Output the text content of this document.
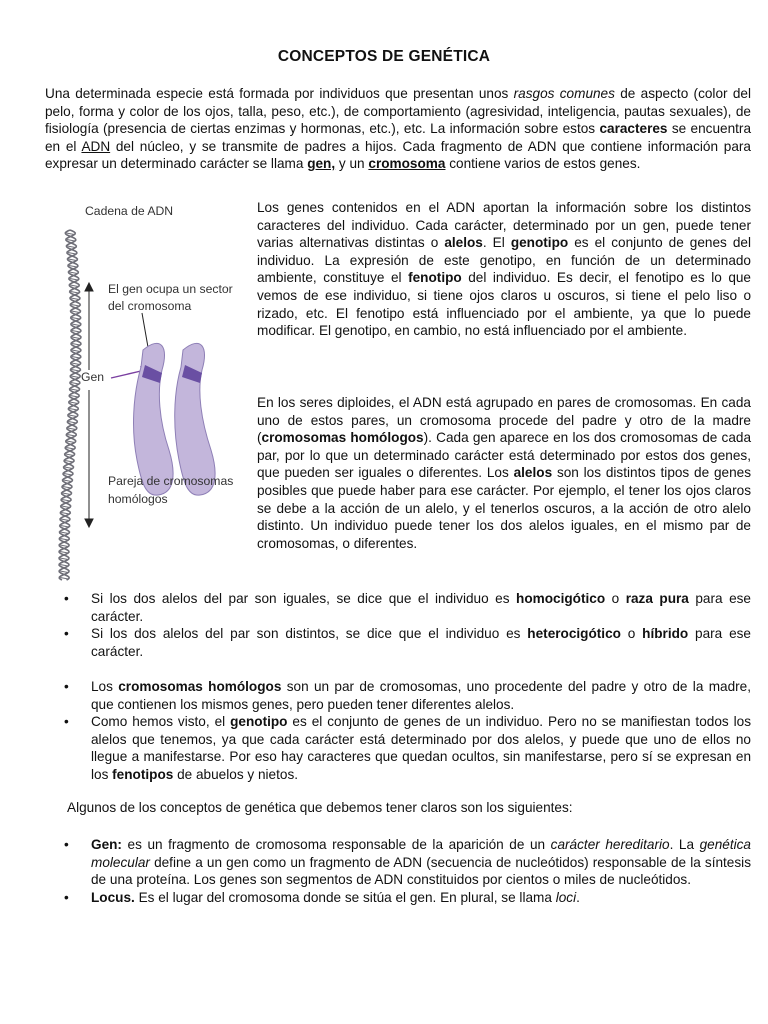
CONCEPTOS DE GENÉTICA

Una determinada especie está formada por individuos que presentan unos rasgos comunes de aspecto (color del pelo, forma y color de los ojos, talla, peso, etc.), de comportamiento (agresividad, inteligencia, pautas sexuales), de fisiología (presencia de ciertas enzimas y hormonas, etc.), etc. La información sobre estos caracteres se encuentra en el ADN del núcleo, y se transmite de padres a hijos. Cada fragmento de ADN que contiene información para expresar un determinado carácter se llama gen, y un cromosoma contiene varios de estos genes.

Cadena de ADN
El gen ocupa un sector
del cromosoma
Gen
Pareja de cromosomas
homólogos

Los genes contenidos en el ADN aportan la información sobre los distintos caracteres del individuo. Cada carácter, determinado por un gen, puede tener varias alternativas distintas o alelos. El genotipo es el conjunto de genes del individuo. La expresión de este genotipo, en función de un determinado ambiente, constituye el fenotipo del individuo. Es decir, el fenotipo es lo que vemos de ese individuo, si tiene ojos claros u oscuros, si tiene el pelo liso o rizado, etc. El fenotipo está influenciado por el ambiente, ya que lo puede modificar. El genotipo, en cambio, no está influenciado por el ambiente.

En los seres diploides, el ADN está agrupado en pares de cromosomas. En cada uno de estos pares, un cromosoma procede del padre y otro de la madre (cromosomas homólogos). Cada gen aparece en los dos cromosomas de cada par, por lo que un determinado carácter está determinado por estos dos genes, que pueden ser iguales o diferentes. Los alelos son los distintos tipos de genes posibles que puede haber para ese carácter. Por ejemplo, el tener los ojos claros se debe a la acción de un alelo, y el tenerlos oscuros, a la acción de otro alelo distinto. Un individuo puede tener los dos alelos iguales, en el mismo par de cromosomas, o diferentes.

• Si los dos alelos del par son iguales, se dice que el individuo es homocigótico o raza pura para ese carácter.
• Si los dos alelos del par son distintos, se dice que el individuo es heterocigótico o híbrido para ese carácter.
• Los cromosomas homólogos son un par de cromosomas, uno procedente del padre y otro de la madre, que contienen los mismos genes, pero pueden tener diferentes alelos.
• Como hemos visto, el genotipo es el conjunto de genes de un individuo. Pero no se manifiestan todos los alelos que tenemos, ya que cada carácter está determinado por dos alelos, y puede que uno de ellos no llegue a manifestarse. Por eso hay caracteres que quedan ocultos, sin manifestarse, pero sí se expresan en los fenotipos de abuelos y nietos.

Algunos de los conceptos de genética que debemos tener claros son los siguientes:

• Gen: es un fragmento de cromosoma responsable de la aparición de un carácter hereditario. La genética molecular define a un gen como un fragmento de ADN (secuencia de nucleótidos) responsable de la síntesis de una proteína. Los genes son segmentos de ADN constituidos por cientos o miles de nucleótidos.
• Locus. Es el lugar del cromosoma donde se sitúa el gen. En plural, se llama loci.
